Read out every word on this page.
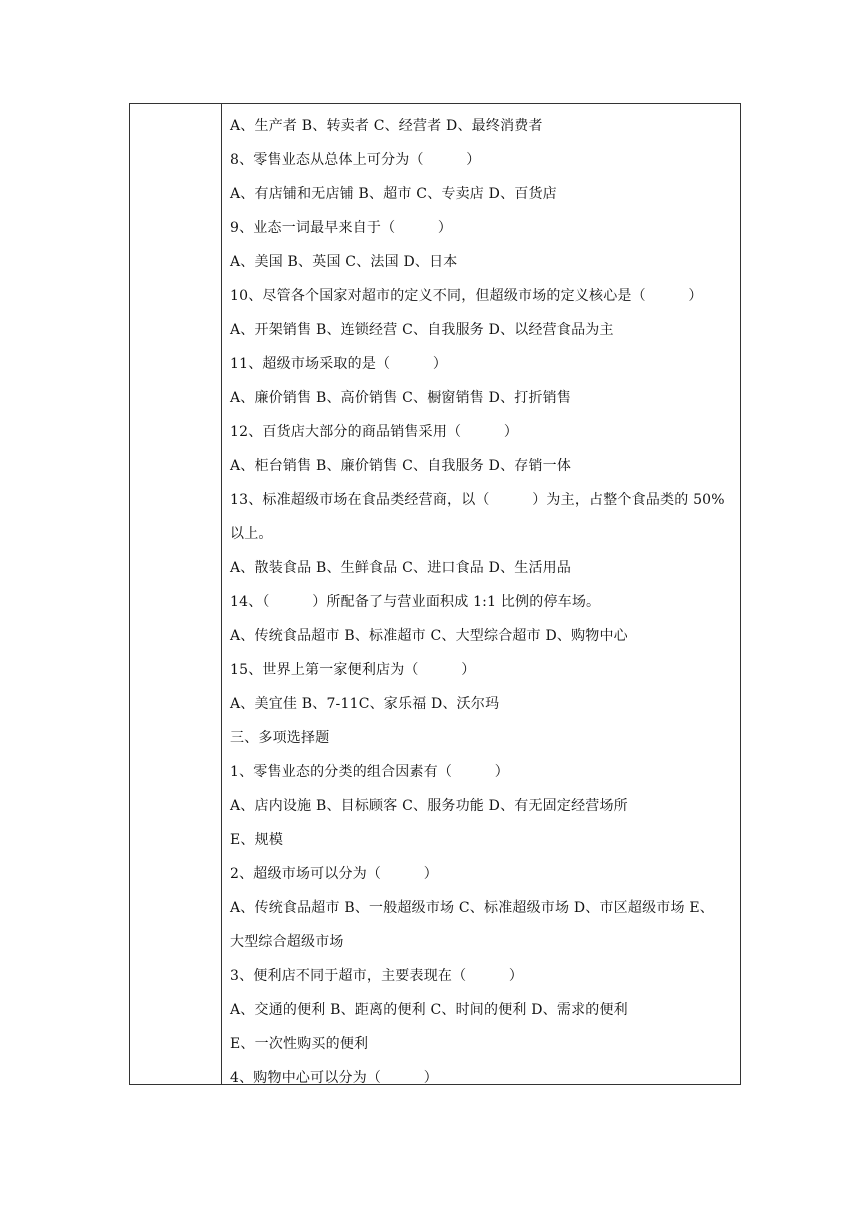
A、生产者 B、转卖者 C、经营者 D、最终消费者
8、零售业态从总体上可分为（　　　）
A、有店铺和无店铺 B、超市 C、专卖店 D、百货店
9、业态一词最早来自于（　　　）
A、美国 B、英国 C、法国 D、日本
10、尽管各个国家对超市的定义不同，但超级市场的定义核心是（　　　）
A、开架销售 B、连锁经营 C、自我服务 D、以经营食品为主
11、超级市场采取的是（　　　）
A、廉价销售 B、高价销售 C、橱窗销售 D、打折销售
12、百货店大部分的商品销售采用（　　　）
A、柜台销售 B、廉价销售 C、自我服务 D、存销一体
13、标准超级市场在食品类经营商，以（　　　）为主，占整个食品类的 50%
以上。
A、散装食品 B、生鲜食品 C、进口食品 D、生活用品
14、（　　　）所配备了与营业面积成 1:1 比例的停车场。
A、传统食品超市 B、标准超市 C、大型综合超市 D、购物中心
15、世界上第一家便利店为（　　　）
A、美宜佳 B、7-11C、家乐福 D、沃尔玛
三、多项选择题
1、零售业态的分类的组合因素有（　　　）
A、店内设施 B、目标顾客 C、服务功能 D、有无固定经营场所
E、规模
2、超级市场可以分为（　　　）
A、传统食品超市 B、一般超级市场 C、标准超级市场 D、市区超级市场 E、
大型综合超级市场
3、便利店不同于超市，主要表现在（　　　）
A、交通的便利 B、距离的便利 C、时间的便利 D、需求的便利
E、一次性购买的便利
4、购物中心可以分为（　　　）
